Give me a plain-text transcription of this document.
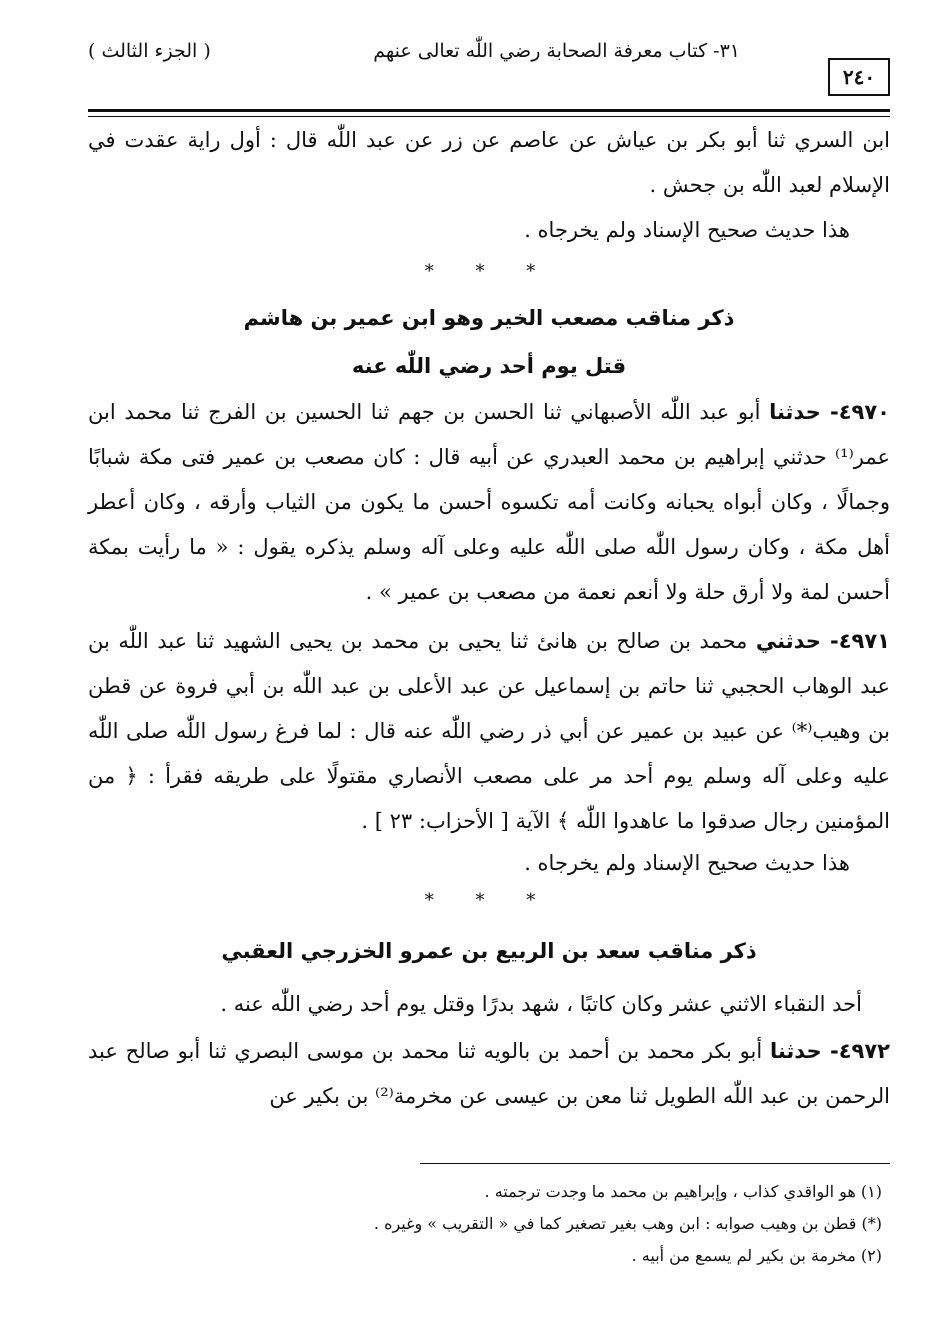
٣١- كتاب معرفة الصحابة رضي اللّٰه تعالى عنهم
( الجزء الثالث )
٢٤٠

ابن السري ثنا أبو بكر بن عياش عن عاصم عن زر عن عبد اللّٰه قال : أول راية عقدت في الإسلام لعبد اللّٰه بن جحش .

هذا حديث صحيح الإسناد ولم يخرجاه .

* * *

ذكر مناقب مصعب الخير وهو ابن عمير بن هاشم

قتل يوم أحد رضي اللّٰه عنه

٤٩٧٠- حدثنا أبو عبد اللّٰه الأصبهاني ثنا الحسن بن جهم ثنا الحسين بن الفرج ثنا محمد ابن عمر⁽¹⁾ حدثني إبراهيم بن محمد العبدري عن أبيه قال : كان مصعب بن عمير فتى مكة شبابًا وجمالًا ، وكان أبواه يحبانه وكانت أمه تكسوه أحسن ما يكون من الثياب وأرقه ، وكان أعطر أهل مكة ، وكان رسول اللّٰه صلى اللّٰه عليه وعلى آله وسلم يذكره يقول : « ما رأيت بمكة أحسن لمة ولا أرق حلة ولا أنعم نعمة من مصعب بن عمير » .

٤٩٧١- حدثني محمد بن صالح بن هانئ ثنا يحيى بن محمد بن يحيى الشهيد ثنا عبد اللّٰه بن عبد الوهاب الحجبي ثنا حاتم بن إسماعيل عن عبد الأعلى بن عبد اللّٰه بن أبي فروة عن قطن بن وهيب⁽*⁾ عن عبيد بن عمير عن أبي ذر رضي اللّٰه عنه قال : لما فرغ رسول اللّٰه صلى اللّٰه عليه وعلى آله وسلم يوم أحد مر على مصعب الأنصاري مقتولًا على طريقه فقرأ : ﴿ من المؤمنين رجال صدقوا ما عاهدوا اللّٰه ﴾ الآية [ الأحزاب: ٢٣ ] .

هذا حديث صحيح الإسناد ولم يخرجاه .

* * *

ذكر مناقب سعد بن الربيع بن عمرو الخزرجي العقبي

أحد النقباء الاثني عشر وكان كاتبًا ، شهد بدرًا وقتل يوم أحد رضي اللّٰه عنه .

٤٩٧٢- حدثنا أبو بكر محمد بن أحمد بن بالويه ثنا محمد بن موسى البصري ثنا أبو صالح عبد الرحمن بن عبد اللّٰه الطويل ثنا معن بن عيسى عن مخرمة⁽²⁾ بن بكير عن

(١) هو الواقدي كذاب ، وإبراهيم بن محمد ما وجدت ترجمته .

(*) قطن بن وهيب صوابه : ابن وهب بغير تصغير كما في « التقريب » وغيره .

(٢) مخرمة بن بكير لم يسمع من أبيه .
